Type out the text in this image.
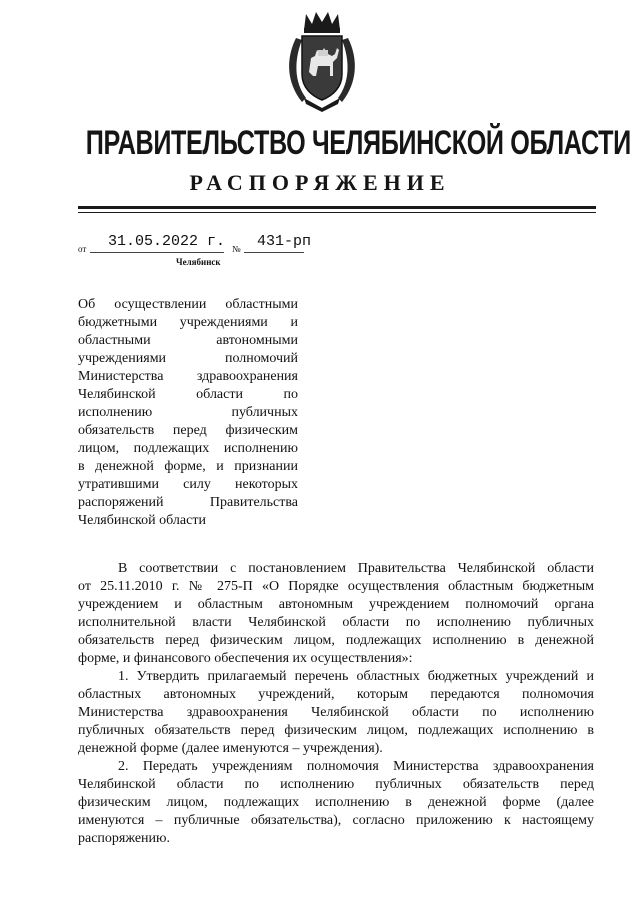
ПРАВИТЕЛЬСТВО ЧЕЛЯБИНСКОЙ ОБЛАСТИ
РАСПОРЯЖЕНИЕ
от 31.05.2022 г. № 431-рп
Челябинск
Об осуществлении областными
бюджетными учреждениями и
областными автономными
учреждениями полномочий
Министерства здравоохранения
Челябинской области по
исполнению публичных
обязательств перед физическим
лицом, подлежащих исполнению
в денежной форме, и признании
утратившими силу некоторых
распоряжений Правительства
Челябинской области
В соответствии с постановлением Правительства Челябинской области
от 25.11.2010 г. № 275-П «О Порядке осуществления областным бюджетным
учреждением и областным автономным учреждением полномочий органа
исполнительной власти Челябинской области по исполнению публичных
обязательств перед физическим лицом, подлежащих исполнению в денежной
форме, и финансового обеспечения их осуществления»:
1. Утвердить прилагаемый перечень областных бюджетных учреждений и
областных автономных учреждений, которым передаются полномочия
Министерства здравоохранения Челябинской области по исполнению
публичных обязательств перед физическим лицом, подлежащих исполнению в
денежной форме (далее именуются – учреждения).
2. Передать учреждениям полномочия Министерства здравоохранения
Челябинской области по исполнению публичных обязательств перед
физическим лицом, подлежащих исполнению в денежной форме (далее
именуются – публичные обязательства), согласно приложению к настоящему
распоряжению.
